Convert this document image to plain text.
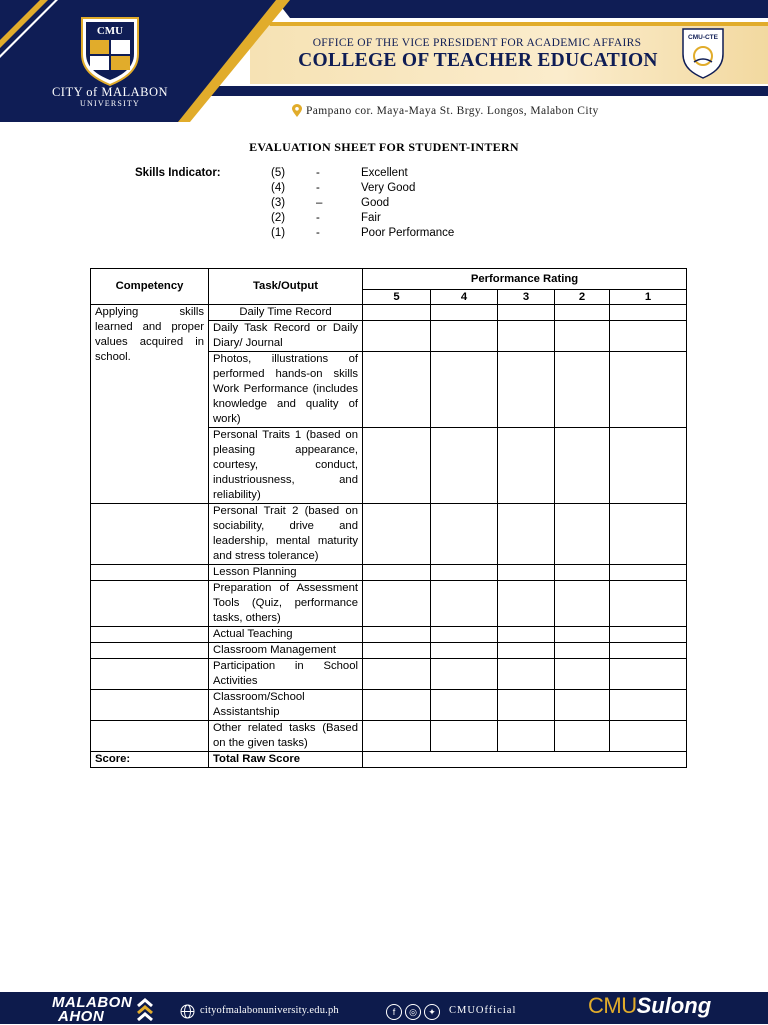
CMU
CITY of MALABON
UNIVERSITY
OFFICE OF THE VICE PRESIDENT FOR ACADEMIC AFFAIRS
COLLEGE OF TEACHER EDUCATION
CMU-CTE
Pampano cor. Maya-Maya St. Brgy. Longos, Malabon City
EVALUATION SHEET FOR STUDENT-INTERN
Skills Indicator:	(5)	-	Excellent
(4)	-	Very Good
(3)	–	Good
(2)	-	Fair
(1)	-	Poor Performance
Competency	Task/Output	Performance Rating				
		5	4	3	2	1
Applying skills learned and proper values acquired in school.	Daily Time Record					
	Daily Task Record or Daily Diary/ Journal					
	Photos, illustrations of performed hands-on skills Work Performance (includes knowledge and quality of work)					
	Personal Traits 1 (based on pleasing appearance, courtesy, conduct, industriousness, and reliability)					
	Personal Trait 2 (based on sociability, drive and leadership, mental maturity and stress tolerance)					
	Lesson Planning					
	Preparation of Assessment Tools (Quiz, performance tasks, others)					
	Actual Teaching					
	Classroom Management					
	Participation in School Activities					
	Classroom/School Assistantship					
	Other related tasks (Based on the given tasks)					
Score:	Total Raw Score					
MALABON
AHON	cityofmalabonuniversity.edu.ph	f	◎	✦	CMUOfficial	CMUSulong
